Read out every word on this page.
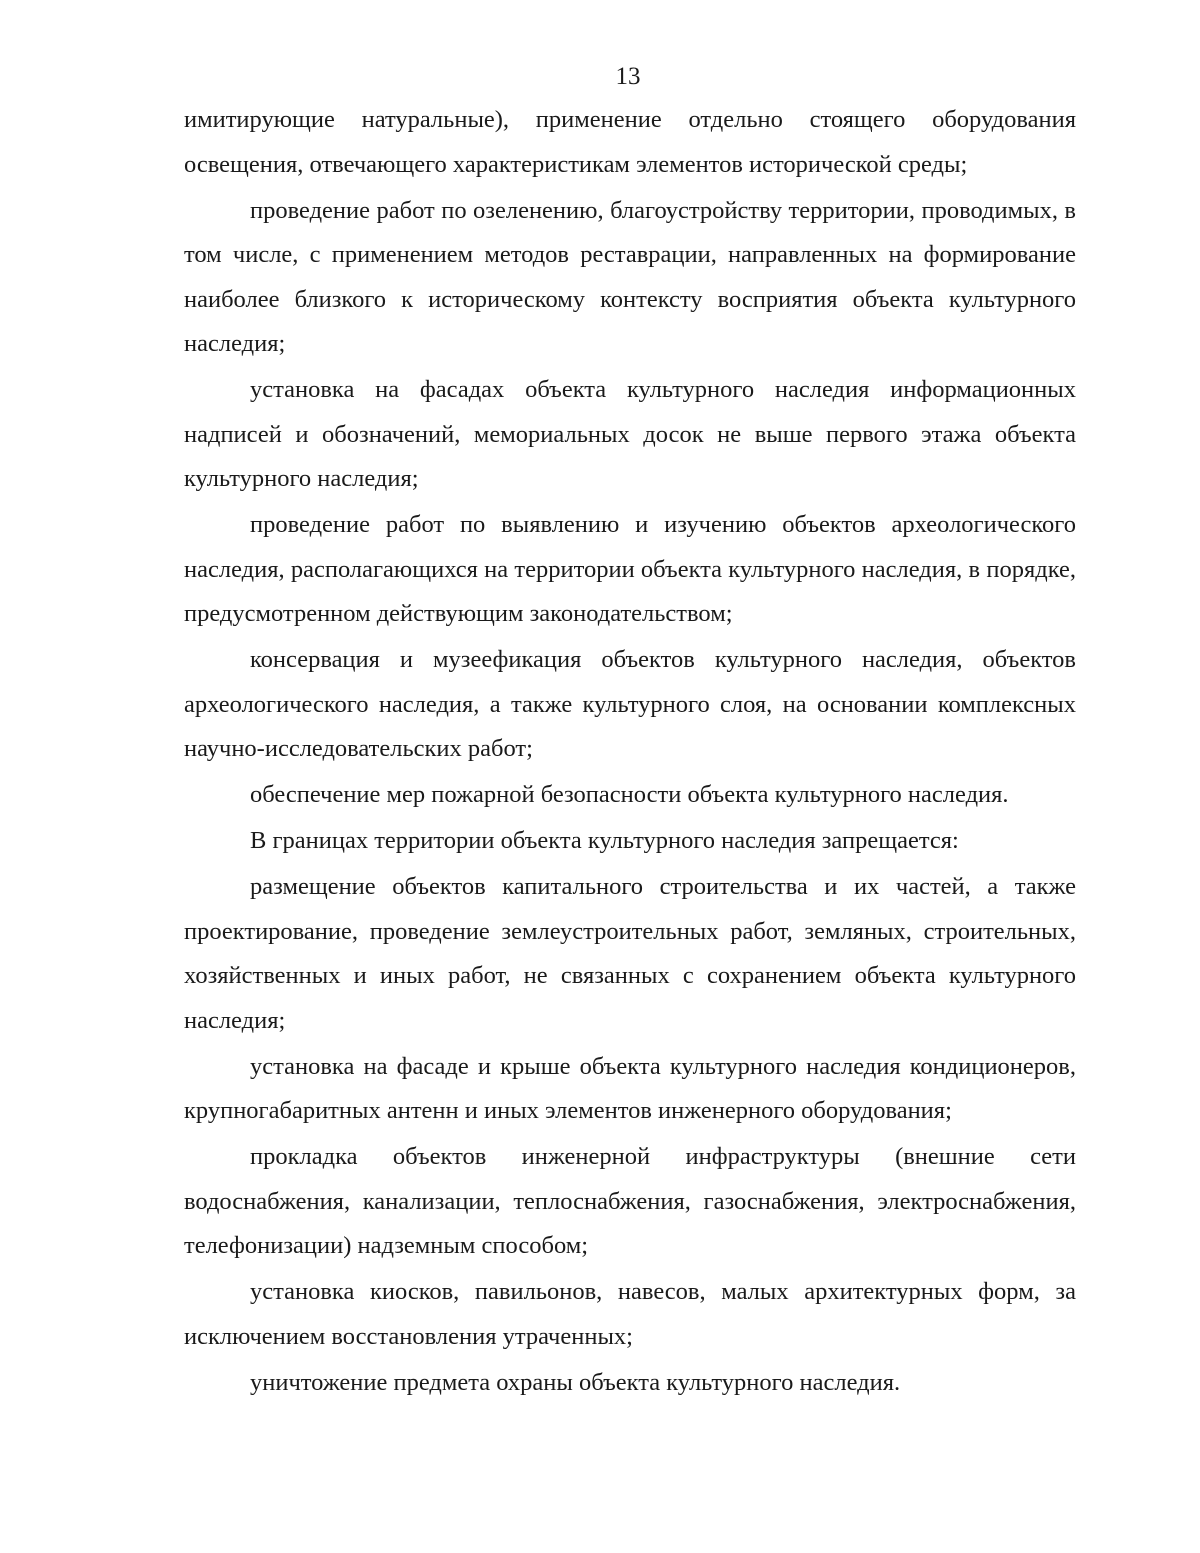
13

имитирующие натуральные), применение отдельно стоящего оборудования освещения, отвечающего характеристикам элементов исторической среды;

проведение работ по озеленению, благоустройству территории, проводимых, в том числе, с применением методов реставрации, направленных на формирование наиболее близкого к историческому контексту восприятия объекта культурного наследия;

установка на фасадах объекта культурного наследия информационных надписей и обозначений, мемориальных досок не выше первого этажа объекта культурного наследия;

проведение работ по выявлению и изучению объектов археологического наследия, располагающихся на территории объекта культурного наследия, в порядке, предусмотренном действующим законодательством;

консервация и музеефикация объектов культурного наследия, объектов археологического наследия, а также культурного слоя, на основании комплексных научно-исследовательских работ;

обеспечение мер пожарной безопасности объекта культурного наследия.

В границах территории объекта культурного наследия запрещается:

размещение объектов капитального строительства и их частей, а также проектирование, проведение землеустроительных работ, земляных, строительных, хозяйственных и иных работ, не связанных с сохранением объекта культурного наследия;

установка на фасаде и крыше объекта культурного наследия кондиционеров, крупногабаритных антенн и иных элементов инженерного оборудования;

прокладка объектов инженерной инфраструктуры (внешние сети водоснабжения, канализации, теплоснабжения, газоснабжения, электроснабжения, телефонизации) надземным способом;

установка киосков, павильонов, навесов, малых архитектурных форм, за исключением восстановления утраченных;

уничтожение предмета охраны объекта культурного наследия.
